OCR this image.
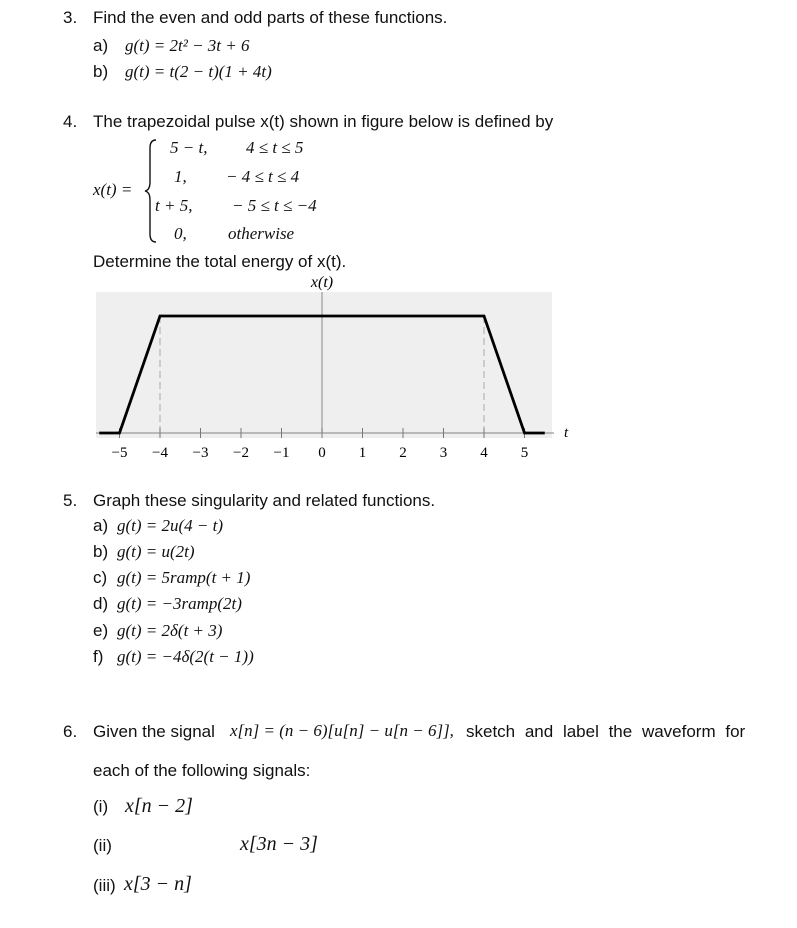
3. Find the even and odd parts of these functions.
a) g(t) = 2t² − 3t + 6
b) g(t) = t(2 − t)(1 + 4t)
4. The trapezoidal pulse x(t) shown in figure below is defined by
x(t) =
5 − t, 4 ≤ t ≤ 5
1, − 4 ≤ t ≤ 4
t + 5, − 5 ≤ t ≤ −4
0, otherwise
Determine the total energy of x(t).
x(t)
t
−5 −4 −3 −2 −1 0 1 2 3 4 5
5. Graph these singularity and related functions.
a) g(t) = 2u(4 − t)
b) g(t) = u(2t)
c) g(t) = 5ramp(t + 1)
d) g(t) = −3ramp(2t)
e) g(t) = 2δ(t + 3)
f) g(t) = −4δ(2(t − 1))
6. Given the signal x[n] = (n − 6)[u[n] − u[n − 6]], sketch and label the waveform for
each of the following signals:
(i) x[n − 2]
(ii)	x[3n − 3]
(iii) x[3 − n]
